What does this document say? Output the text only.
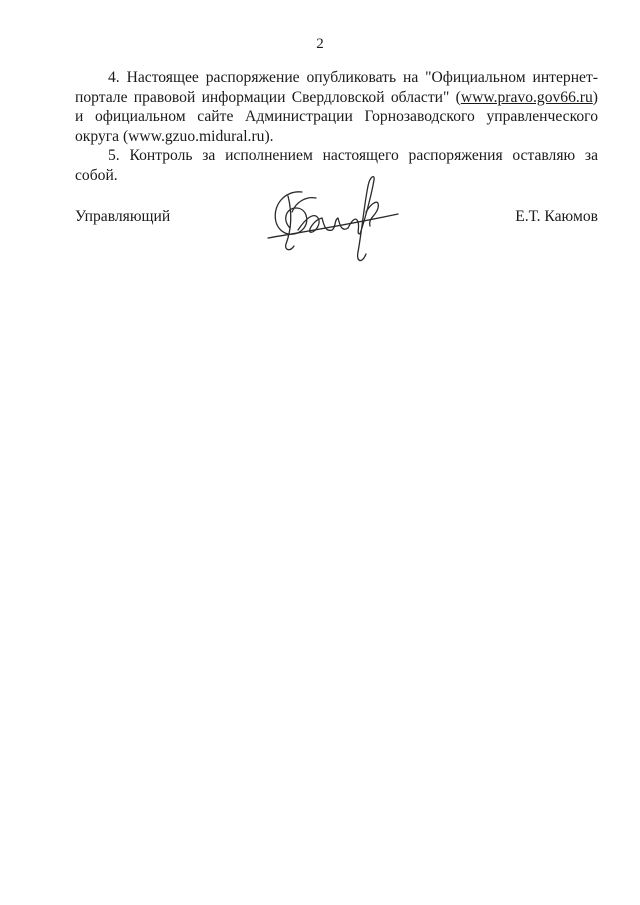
2

4. Настоящее распоряжение опубликовать на "Официальном интернет-портале правовой информации Свердловской области" (www.pravo.gov66.ru) и официальном сайте Администрации Горнозаводского управленческого округа (www.gzuo.midural.ru).

5. Контроль за исполнением настоящего распоряжения оставляю за собой.

Управляющий	Е.Т. Каюмов
